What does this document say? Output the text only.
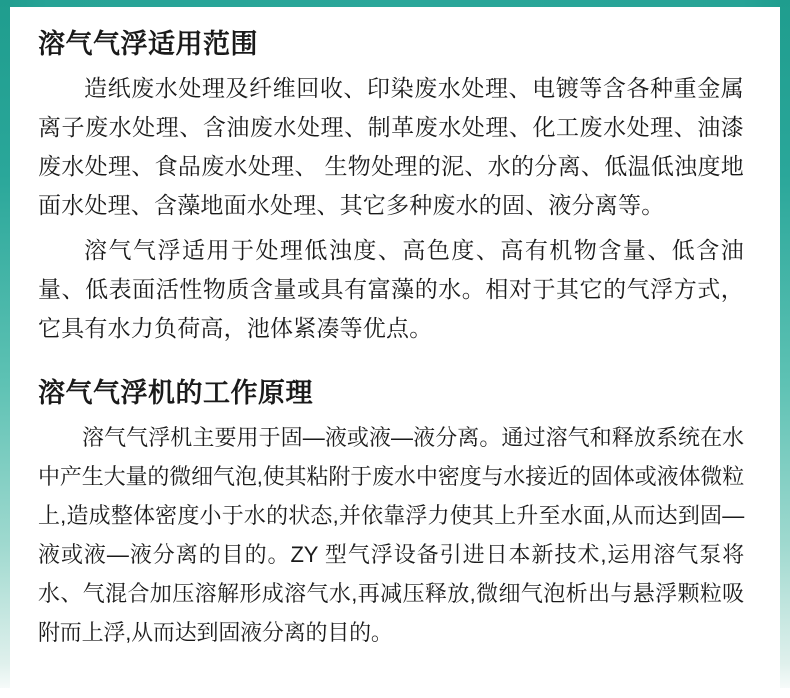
溶气气浮适用范围

造纸废水处理及纤维回收、印染废水处理、电镀等含各种重金属离子废水处理、含油废水处理、制革废水处理、化工废水处理、油漆废水处理、食品废水处理、 生物处理的泥、水的分离、低温低浊度地面水处理、含藻地面水处理、其它多种废水的固、液分离等。

溶气气浮适用于处理低浊度、高色度、高有机物含量、低含油量、低表面活性物质含量或具有富藻的水。相对于其它的气浮方式，它具有水力负荷高，池体紧凑等优点。

溶气气浮机的工作原理

溶气气浮机主要用于固—液或液—液分离。通过溶气和释放系统在水中产生大量的微细气泡,使其粘附于废水中密度与水接近的固体或液体微粒上,造成整体密度小于水的状态,并依靠浮力使其上升至水面,从而达到固—液或液—液分离的目的。ZY 型气浮设备引进日本新技术,运用溶气泵将水、气混合加压溶解形成溶气水,再减压释放,微细气泡析出与悬浮颗粒吸附而上浮,从而达到固液分离的目的。
